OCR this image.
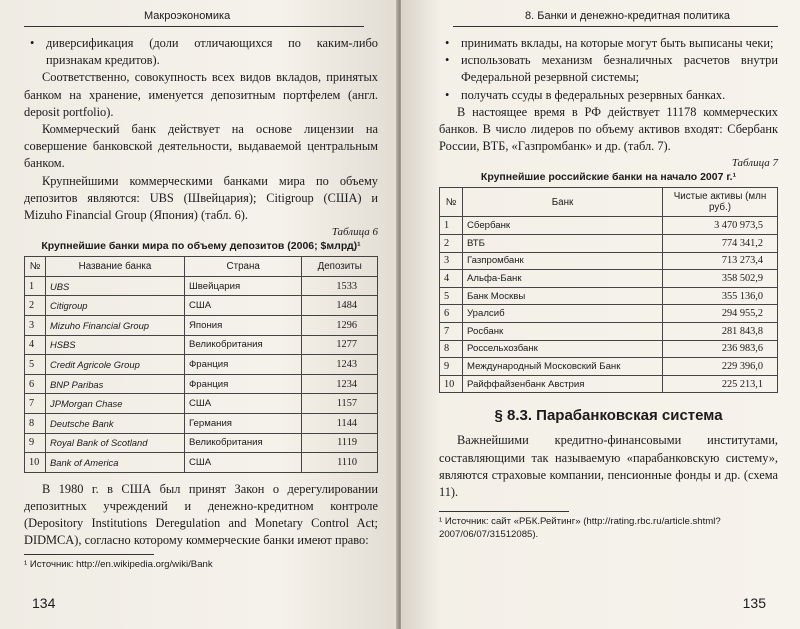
Макроэкономика
• диверсификация (доли отличающихся по каким-либо признакам кредитов).

Соответственно, совокупность всех видов вкладов, принятых банком на хранение, именуется депозитным портфелем (англ. deposit portfolio).

Коммерческий банк действует на основе лицензии на совершение банковской деятельности, выдаваемой центральным банком.

Крупнейшими коммерческими банками мира по объему депозитов являются: UBS (Швейцария); Citigroup (США) и Mizuho Financial Group (Япония) (табл. 6).

Таблица 6
Крупнейшие банки мира по объему депозитов (2006; $млрд)¹
№	Название банка	Страна	Депозиты
1	UBS	Швейцария	1533
2	Citigroup	США	1484
3	Mizuho Financial Group	Япония	1296
4	HSBS	Великобритания	1277
5	Credit Agricole Group	Франция	1243
6	BNP Paribas	Франция	1234
7	JPMorgan Chase	США	1157
8	Deutsche Bank	Германия	1144
9	Royal Bank of Scotland	Великобритания	1119
10	Bank of America	США	1110

В 1980 г. в США был принят Закон о дерегулировании депозитных учреждений и денежно-кредитном контроле (Depository Institutions Deregulation and Monetary Control Act; DIDMCA), согласно которому коммерческие банки имеют право:

¹ Источник: http://en.wikipedia.org/wiki/Bank
134
8. Банки и денежно-кредитная политика
• принимать вклады, на которые могут быть выписаны чеки;
• использовать механизм безналичных расчетов внутри Федеральной резервной системы;
• получать ссуды в федеральных резервных банках.

В настоящее время в РФ действует 11178 коммерческих банков. В число лидеров по объему активов входят: Сбербанк России, ВТБ, «Газпромбанк» и др. (табл. 7).

Таблица 7
Крупнейшие российские банки на начало 2007 г.¹
№	Банк	Чистые активы (млн руб.)
1	Сбербанк	3 470 973,5
2	ВТБ	774 341,2
3	Газпромбанк	713 273,4
4	Альфа-Банк	358 502,9
5	Банк Москвы	355 136,0
6	Уралсиб	294 955,2
7	Росбанк	281 843,8
8	Россельхозбанк	236 983,6
9	Международный Московский Банк	229 396,0
10	Райффайзенбанк Австрия	225 213,1
§ 8.3. Парабанковская система

Важнейшими кредитно-финансовыми институтами, составляющими так называемую «парабанковскую систему», являются страховые компании, пенсионные фонды и др. (схема 11).

¹ Источник: сайт «РБК.Рейтинг» (http://rating.rbc.ru/article.shtml?2007/06/07/31512085).
135
